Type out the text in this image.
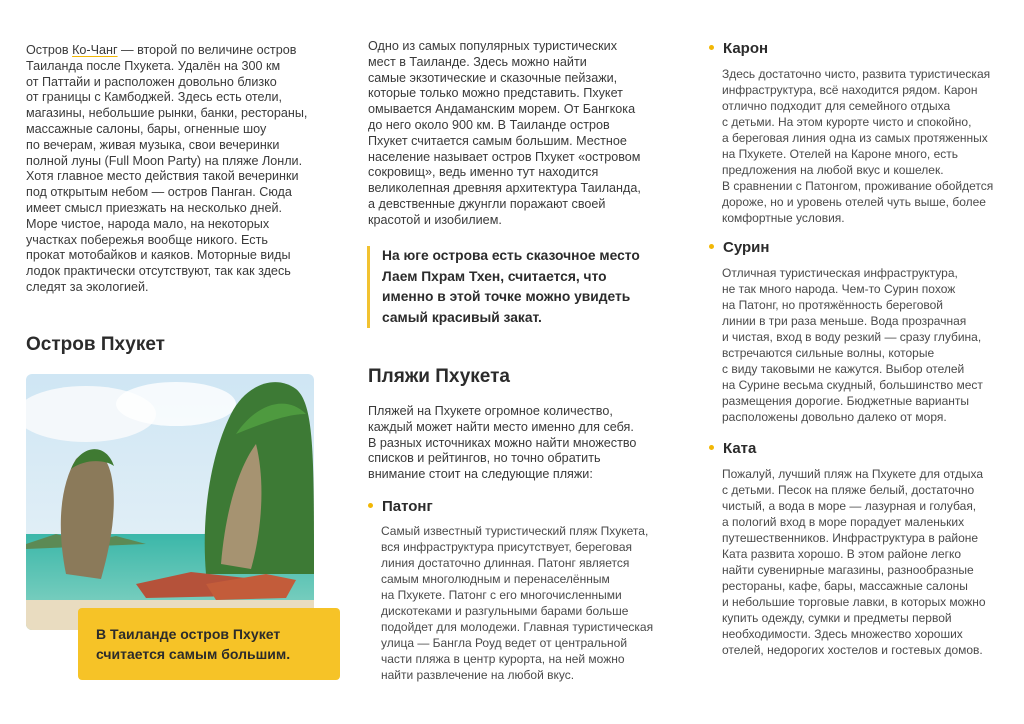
Остров Ко-Чанг — второй по величине остров
Таиланда после Пхукета. Удалён на 300 км
от Паттайи и расположен довольно близко
от границы с Камбоджей. Здесь есть отели,
магазины, небольшие рынки, банки, рестораны,
массажные салоны, бары, огненные шоу
по вечерам, живая музыка, свои вечеринки
полной луны (Full Moon Party) на пляже Лонли.
Хотя главное место действия такой вечеринки
под открытым небом — остров Панган. Сюда
имеет смысл приезжать на несколько дней.
Море чистое, народа мало, на некоторых
участках побережья вообще никого. Есть
прокат мотобайков и каяков. Моторные виды
лодок практически отсутствуют, так как здесь
следят за экологией.
Остров Пхукет
В Таиланде остров Пхукет считается самым большим.
Одно из самых популярных туристических
мест в Таиланде. Здесь можно найти
самые экзотические и сказочные пейзажи,
которые только можно представить. Пхукет
омывается Андаманским морем. От Бангкока
до него около 900 км. В Таиланде остров
Пхукет считается самым большим. Местное
население называет остров Пхукет «островом
сокровищ», ведь именно тут находится
великолепная древняя архитектура Таиланда,
а девственные джунгли поражают своей
красотой и изобилием.
На юге острова есть сказочное место
Лаем Пхрам Тхен, считается, что
именно в этой точке можно увидеть
самый красивый закат.
Пляжи Пхукета
Пляжей на Пхукете огромное количество,
каждый может найти место именно для себя.
В разных источниках можно найти множество
списков и рейтингов, но точно обратить
внимание стоит на следующие пляжи:
Патонг
Самый известный туристический пляж Пхукета,
вся инфраструктура присутствует, береговая
линия достаточно длинная. Патонг является
самым многолюдным и перенаселённым
на Пхукете. Патонг с его многочисленными
дискотеками и разгульными барами больше
подойдет для молодежи. Главная туристическая
улица — Бангла Роуд ведет от центральной
части пляжа в центр курорта, на ней можно
найти развлечение на любой вкус.
Карон
Здесь достаточно чисто, развита туристическая
инфраструктура, всё находится рядом. Карон
отлично подходит для семейного отдыха
с детьми. На этом курорте чисто и спокойно,
а береговая линия одна из самых протяженных
на Пхукете. Отелей на Кароне много, есть
предложения на любой вкус и кошелек.
В сравнении с Патонгом, проживание обойдется
дороже, но и уровень отелей чуть выше, более
комфортные условия.
Сурин
Отличная туристическая инфраструктура,
не так много народа. Чем-то Сурин похож
на Патонг, но протяжённость береговой
линии в три раза меньше. Вода прозрачная
и чистая, вход в воду резкий — сразу глубина,
встречаются сильные волны, которые
с виду таковыми не кажутся. Выбор отелей
на Сурине весьма скудный, большинство мест
размещения дорогие. Бюджетные варианты
расположены довольно далеко от моря.
Ката
Пожалуй, лучший пляж на Пхукете для отдыха
с детьми. Песок на пляже белый, достаточно
чистый, а вода в море — лазурная и голубая,
а пологий вход в море порадует маленьких
путешественников. Инфраструктура в районе
Ката развита хорошо. В этом районе легко
найти сувенирные магазины, разнообразные
рестораны, кафе, бары, массажные салоны
и небольшие торговые лавки, в которых можно
купить одежду, сумки и предметы первой
необходимости. Здесь множество хороших
отелей, недорогих хостелов и гостевых домов.
